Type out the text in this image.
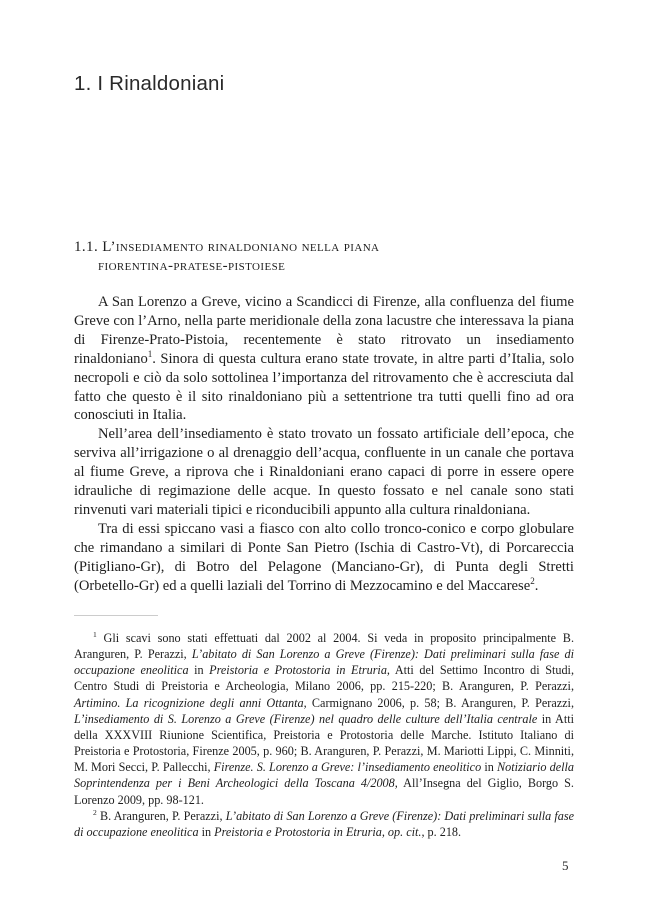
1. I Rinaldoniani
1.1. L’insediamento rinaldoniano nella piana
fiorentina-pratese-pistoiese

A San Lorenzo a Greve, vicino a Scandicci di Firenze, alla confluenza del fiume Greve con l’Arno, nella parte meridionale della zona lacustre che interessava la piana di Firenze-Prato-Pistoia, recentemente è stato ritrovato un insediamento rinaldoniano$^1$. Sinora di questa cultura erano state trovate, in altre parti d’Italia, solo necropoli e ciò da solo sottolinea l’importanza del ritrovamento che è accresciuta dal fatto che questo è il sito rinaldoniano più a settentrione tra tutti quelli fino ad ora conosciuti in Italia.

Nell’area dell’insediamento è stato trovato un fossato artificiale dell’epoca, che serviva all’irrigazione o al drenaggio dell’acqua, confluente in un canale che portava al fiume Greve, a riprova che i Rinaldoniani erano capaci di porre in essere opere idrauliche di regimazione delle acque. In questo fossato e nel canale sono stati rinvenuti vari materiali tipici e riconducibili appunto alla cultura rinaldoniana.

Tra di essi spiccano vasi a fiasco con alto collo tronco-conico e corpo globulare che rimandano a similari di Ponte San Pietro (Ischia di Castro-Vt), di Porcareccia (Pitigliano-Gr), di Botro del Pelagone (Manciano-Gr), di Punta degli Stretti (Orbetello-Gr) ed a quelli laziali del Torrino di Mezzocamino e del Maccarese$^2$.

$^1$ Gli scavi sono stati effettuati dal 2002 al 2004. Si veda in proposito principalmente B. Aranguren, P. Perazzi, L’abitato di San Lorenzo a Greve (Firenze): Dati preliminari sulla fase di occupazione eneolitica in Preistoria e Protostoria in Etruria, Atti del Settimo Incontro di Studi, Centro Studi di Preistoria e Archeologia, Milano 2006, pp. 215-220; B. Aranguren, P. Perazzi, Artimino. La ricognizione degli anni Ottanta, Carmignano 2006, p. 58; B. Aranguren, P. Perazzi, L’insediamento di S. Lorenzo a Greve (Firenze) nel quadro delle culture dell’Italia centrale in Atti della XXXVIII Riunione Scientifica, Preistoria e Protostoria delle Marche. Istituto Italiano di Preistoria e Protostoria, Firenze 2005, p. 960; B. Aranguren, P. Perazzi, M. Mariotti Lippi, C. Minniti, M. Mori Secci, P. Pallecchi, Firenze. S. Lorenzo a Greve: l’insediamento eneolitico in Notiziario della Soprintendenza per i Beni Archeologici della Toscana 4/2008, All’Insegna del Giglio, Borgo S. Lorenzo 2009, pp. 98-121.

$^2$ B. Aranguren, P. Perazzi, L’abitato di San Lorenzo a Greve (Firenze): Dati preliminari sulla fase di occupazione eneolitica in Preistoria e Protostoria in Etruria, op. cit., p. 218.

5
